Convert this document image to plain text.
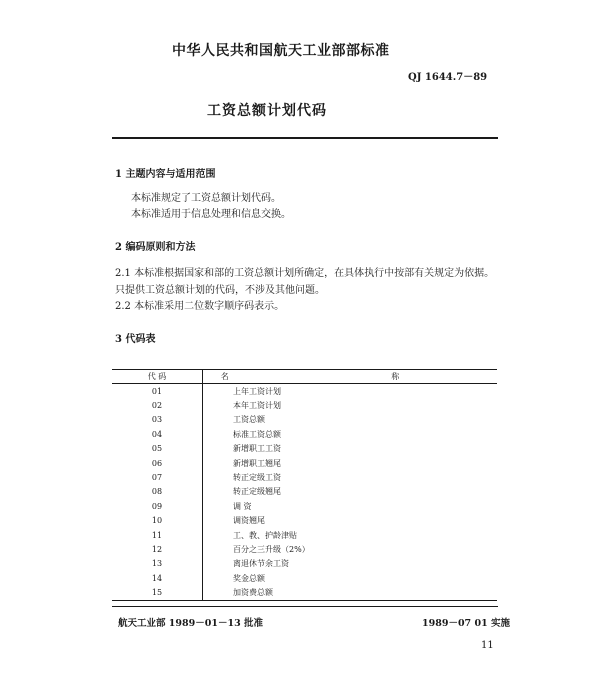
中华人民共和国航天工业部部标准
QJ 1644.7－89
工资总额计划代码
1 主题内容与适用范围
本标准规定了工资总额计划代码。
本标准适用于信息处理和信息交换。
2 编码原则和方法
2.1 本标准根据国家和部的工资总额计划所确定，在具体执行中按部有关规定为依据。
只提供工资总额计划的代码，不涉及其他问题。
2.2 本标准采用二位数字顺序码表示。
3 代码表
代 码	名 称
01	上年工资计划
02	本年工资计划
03	工资总额
04	标准工资总额
05	新增职工工资
06	新增职工翘尾
07	转正定级工资
08	转正定级翘尾
09	调 资
10	调资翘尾
11	工、教、护龄津贴
12	百分之三升级（2%）
13	离退休节余工资
14	奖金总额
15	加资费总额
航天工业部 1989－01－13 批准	1989－07 01 实施
11
